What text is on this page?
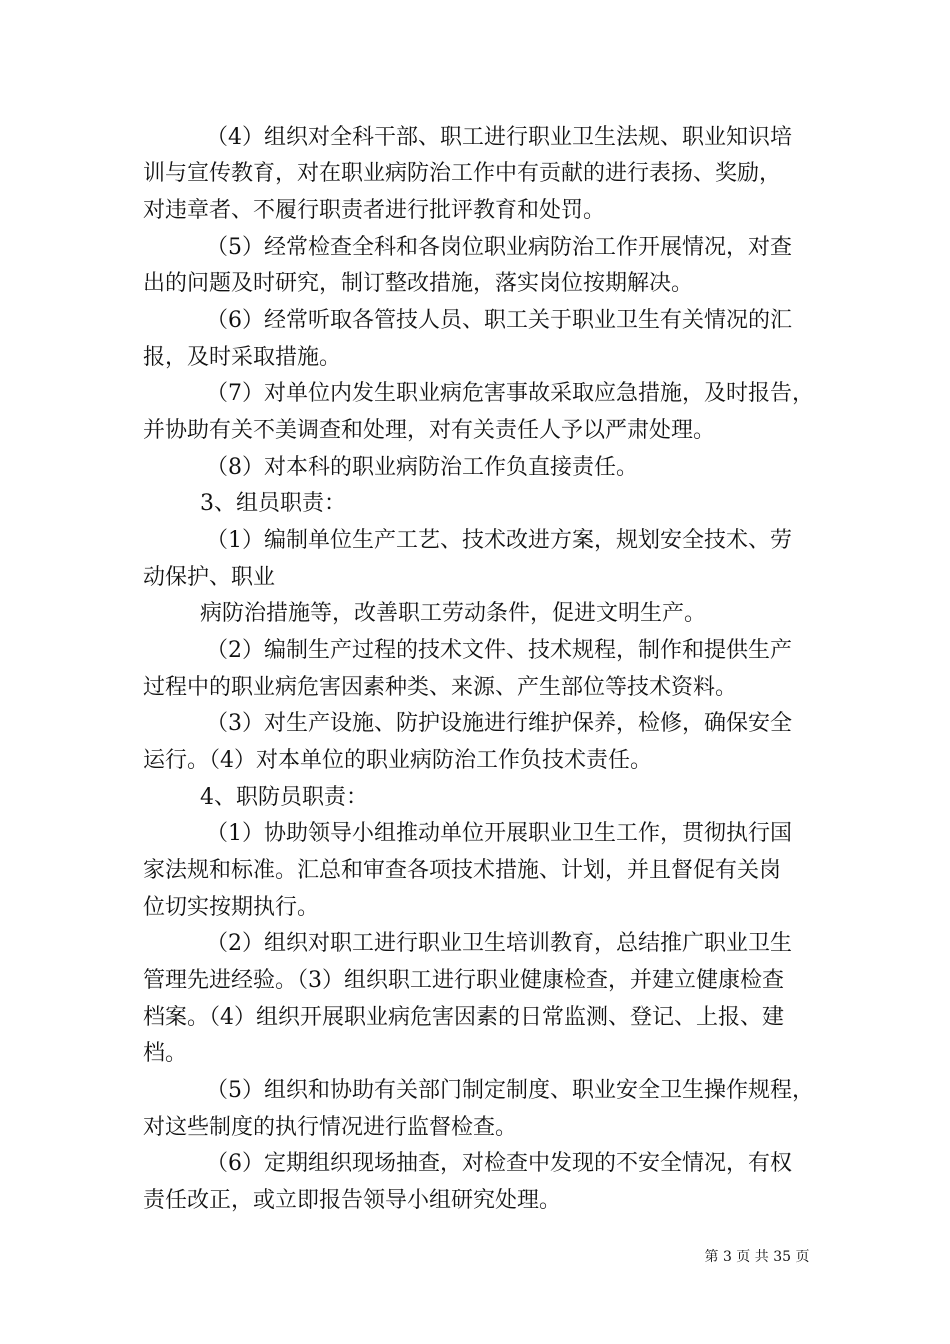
（4）组织对全科干部、职工进行职业卫生法规、职业知识培
训与宣传教育，对在职业病防治工作中有贡献的进行表扬、奖励，
对违章者、不履行职责者进行批评教育和处罚。
（5）经常检查全科和各岗位职业病防治工作开展情况，对查
出的问题及时研究，制订整改措施，落实岗位按期解决。
（6）经常听取各管技人员、职工关于职业卫生有关情况的汇
报，及时采取措施。
（7）对单位内发生职业病危害事故采取应急措施，及时报告，
并协助有关不美调查和处理，对有关责任人予以严肃处理。
（8）对本科的职业病防治工作负直接责任。
3、组员职责：
（1）编制单位生产工艺、技术改进方案，规划安全技术、劳
动保护、职业
病防治措施等，改善职工劳动条件，促进文明生产。
（2）编制生产过程的技术文件、技术规程，制作和提供生产
过程中的职业病危害因素种类、来源、产生部位等技术资料。
（3）对生产设施、防护设施进行维护保养，检修，确保安全
运行。（4）对本单位的职业病防治工作负技术责任。
4、职防员职责：
（1）协助领导小组推动单位开展职业卫生工作，贯彻执行国
家法规和标准。汇总和审查各项技术措施、计划，并且督促有关岗
位切实按期执行。
（2）组织对职工进行职业卫生培训教育，总结推广职业卫生
管理先进经验。（3）组织职工进行职业健康检查，并建立健康检查
档案。（4）组织开展职业病危害因素的日常监测、登记、上报、建
档。
（5）组织和协助有关部门制定制度、职业安全卫生操作规程，
对这些制度的执行情况进行监督检查。
（6）定期组织现场抽查，对检查中发现的不安全情况，有权
责任改正，或立即报告领导小组研究处理。
第 3 页 共 35 页
